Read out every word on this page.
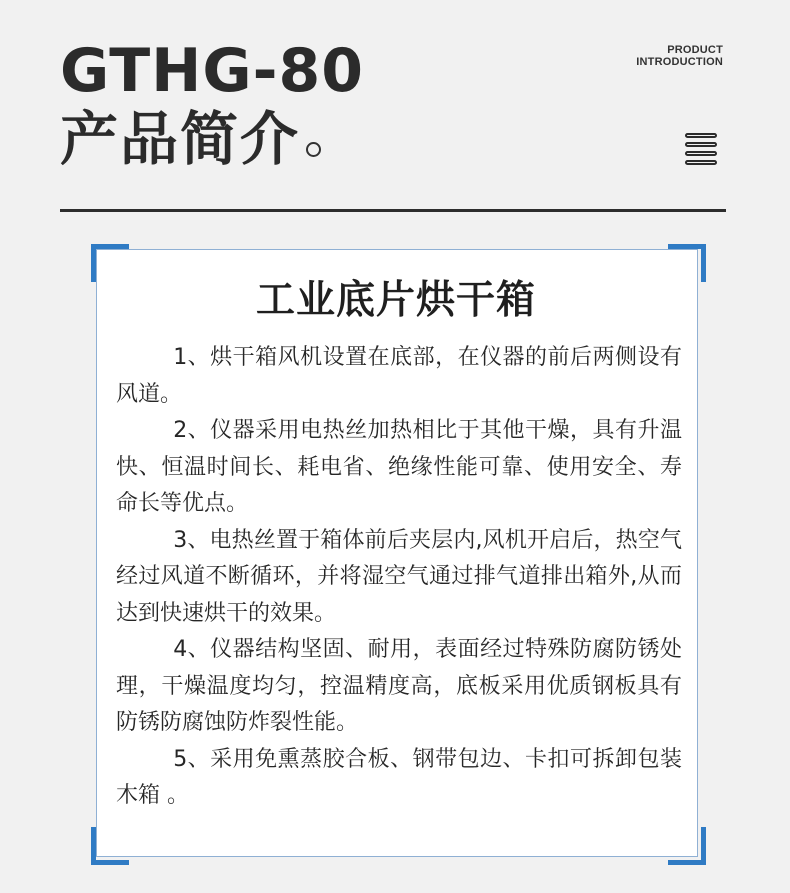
GTHG-80
产品简介
PRODUCT
INTRODUCTION
工业底片烘干箱

1、烘干箱风机设置在底部，在仪器的前后两侧设有风道。

2、仪器采用电热丝加热相比于其他干燥，具有升温快、恒温时间长、耗电省、绝缘性能可靠、使用安全、寿命长等优点。

3、电热丝置于箱体前后夹层内,风机开启后，热空气经过风道不断循环，并将湿空气通过排气道排出箱外,从而达到快速烘干的效果。

4、仪器结构坚固、耐用，表面经过特殊防腐防锈处理，干燥温度均匀，控温精度高，底板采用优质钢板具有防锈防腐蚀防炸裂性能。

5、采用免熏蒸胶合板、钢带包边、卡扣可拆卸包装木箱 。
